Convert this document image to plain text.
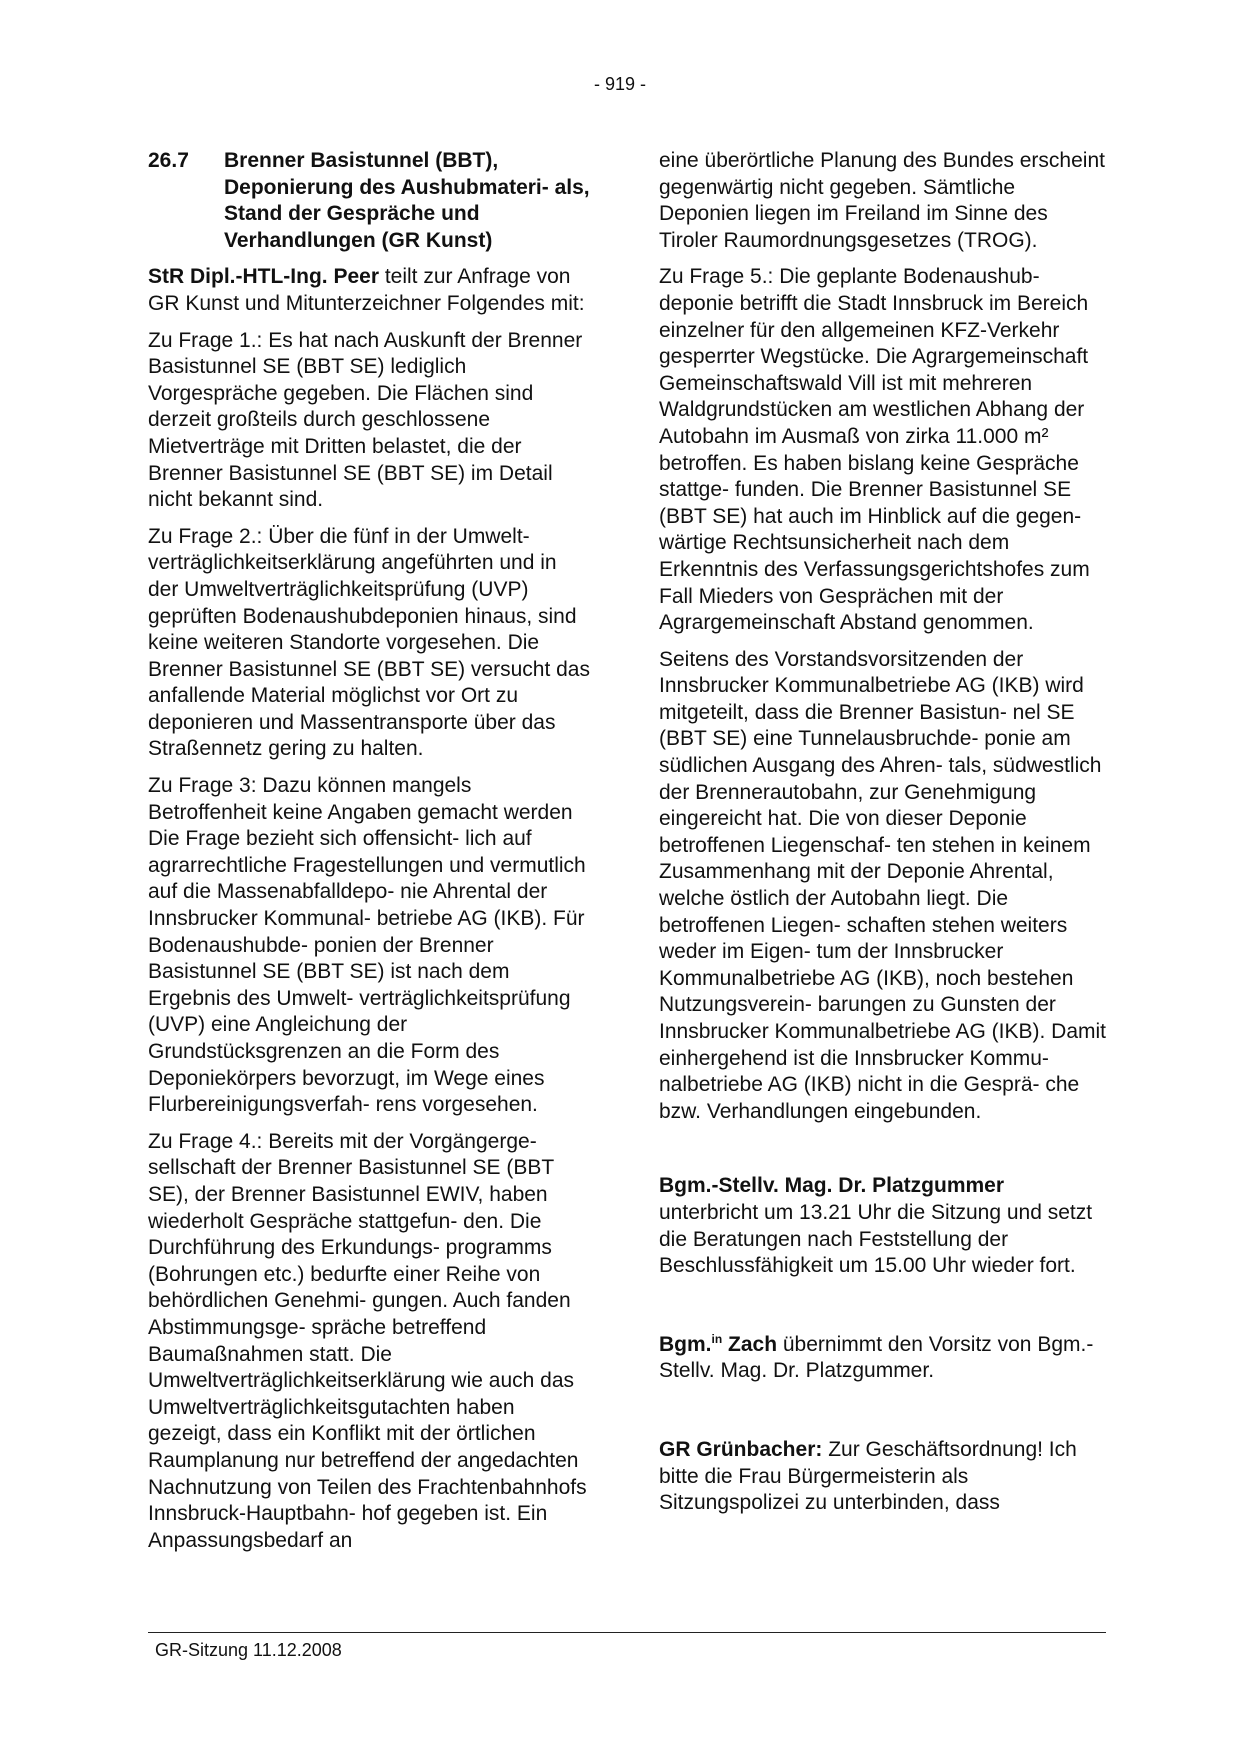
- 919 -
26.7	Brenner Basistunnel (BBT), Deponierung des Aushubmateri- als, Stand der Gespräche und Verhandlungen (GR Kunst)

StR Dipl.-HTL-Ing. Peer teilt zur Anfrage von GR Kunst und Mitunterzeichner Folgendes mit:

Zu Frage 1.: Es hat nach Auskunft der Brenner Basistunnel SE (BBT SE) lediglich Vorgespräche gegeben. Die Flächen sind derzeit großteils durch geschlossene Mietverträge mit Dritten belastet, die der Brenner Basistunnel SE (BBT SE) im Detail nicht bekannt sind.

Zu Frage 2.: Über die fünf in der Umwelt- verträglichkeitserklärung angeführten und in der Umweltverträglichkeitsprüfung (UVP) geprüften Bodenaushubdeponien hinaus, sind keine weiteren Standorte vorgesehen. Die Brenner Basistunnel SE (BBT SE) versucht das anfallende Material möglichst vor Ort zu deponieren und Massentransporte über das Straßennetz gering zu halten.

Zu Frage 3: Dazu können mangels Betroffenheit keine Angaben gemacht werden Die Frage bezieht sich offensicht- lich auf agrarrechtliche Fragestellungen und vermutlich auf die Massenabfalldepo- nie Ahrental der Innsbrucker Kommunal- betriebe AG (IKB). Für Bodenaushubde- ponien der Brenner Basistunnel SE (BBT SE) ist nach dem Ergebnis des Umwelt- verträglichkeitsprüfung (UVP) eine Angleichung der Grundstücksgrenzen an die Form des Deponiekörpers bevorzugt, im Wege eines Flurbereinigungsverfah- rens vorgesehen.

Zu Frage 4.: Bereits mit der Vorgängerge- sellschaft der Brenner Basistunnel SE (BBT SE), der Brenner Basistunnel EWIV, haben wiederholt Gespräche stattgefun- den. Die Durchführung des Erkundungs- programms (Bohrungen etc.) bedurfte einer Reihe von behördlichen Genehmi- gungen. Auch fanden Abstimmungsge- spräche betreffend Baumaßnahmen statt. Die Umweltverträglichkeitserklärung wie auch das Umweltverträglichkeitsgutachten haben gezeigt, dass ein Konflikt mit der örtlichen Raumplanung nur betreffend der angedachten Nachnutzung von Teilen des Frachtenbahnhofs Innsbruck-Hauptbahn- hof gegeben ist. Ein Anpassungsbedarf an

eine überörtliche Planung des Bundes erscheint gegenwärtig nicht gegeben. Sämtliche Deponien liegen im Freiland im Sinne des Tiroler Raumordnungsgesetzes (TROG).

Zu Frage 5.: Die geplante Bodenaushub- deponie betrifft die Stadt Innsbruck im Bereich einzelner für den allgemeinen KFZ-Verkehr gesperrter Wegstücke. Die Agrargemeinschaft Gemeinschaftswald Vill ist mit mehreren Waldgrundstücken am westlichen Abhang der Autobahn im Ausmaß von zirka 11.000 m² betroffen. Es haben bislang keine Gespräche stattge- funden. Die Brenner Basistunnel SE (BBT SE) hat auch im Hinblick auf die gegen- wärtige Rechtsunsicherheit nach dem Erkenntnis des Verfassungsgerichtshofes zum Fall Mieders von Gesprächen mit der Agrargemeinschaft Abstand genommen.

Seitens des Vorstandsvorsitzenden der Innsbrucker Kommunalbetriebe AG (IKB) wird mitgeteilt, dass die Brenner Basistun- nel SE (BBT SE) eine Tunnelausbruchde- ponie am südlichen Ausgang des Ahren- tals, südwestlich der Brennerautobahn, zur Genehmigung eingereicht hat. Die von dieser Deponie betroffenen Liegenschaf- ten stehen in keinem Zusammenhang mit der Deponie Ahrental, welche östlich der Autobahn liegt. Die betroffenen Liegen- schaften stehen weiters weder im Eigen- tum der Innsbrucker Kommunalbetriebe AG (IKB), noch bestehen Nutzungsverein- barungen zu Gunsten der Innsbrucker Kommunalbetriebe AG (IKB). Damit einhergehend ist die Innsbrucker Kommu- nalbetriebe AG (IKB) nicht in die Gesprä- che bzw. Verhandlungen eingebunden.

Bgm.-Stellv. Mag. Dr. Platzgummer
unterbricht um 13.21 Uhr die Sitzung und setzt die Beratungen nach Feststellung der Beschlussfähigkeit um 15.00 Uhr wieder fort.

Bgm.$^{in}$ Zach übernimmt den Vorsitz von Bgm.-Stellv. Mag. Dr. Platzgummer.

GR Grünbacher: Zur Geschäftsordnung! Ich bitte die Frau Bürgermeisterin als Sitzungspolizei zu unterbinden, dass

GR-Sitzung 11.12.2008
